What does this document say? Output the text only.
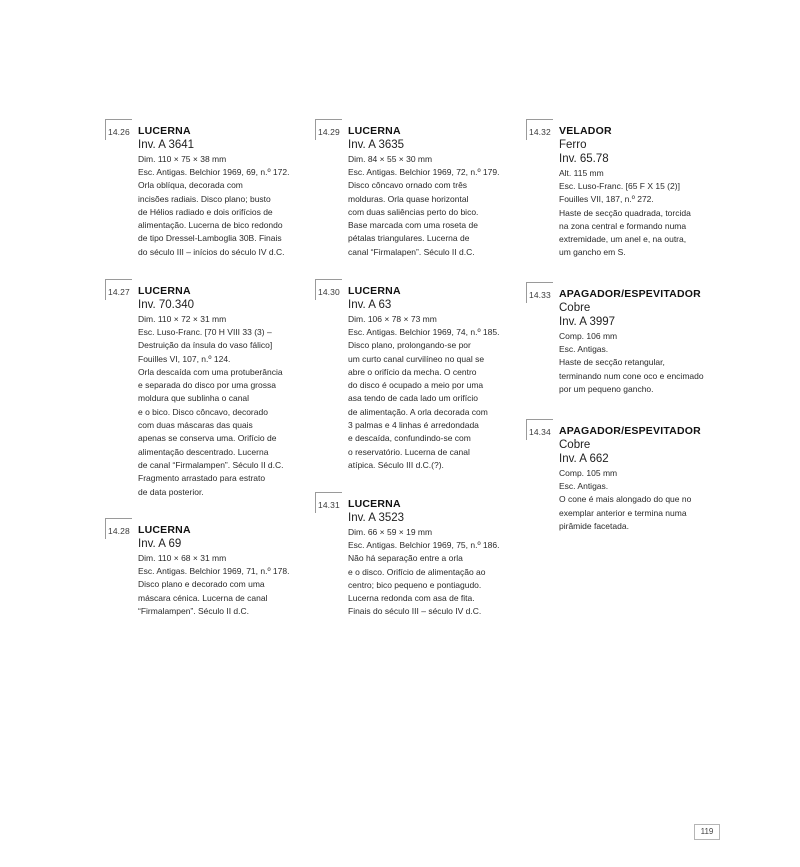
14.26 LUCERNA
Inv. A 3641
Dim. 110 × 75 × 38 mm
Esc. Antigas. Belchior 1969, 69, n.º 172.
Orla oblíqua, decorada com
incisões radiais. Disco plano; busto
de Hélios radiado e dois orifícios de
alimentação. Lucerna de bico redondo
de tipo Dressel-Lamboglia 30B. Finais
do século III – inícios do século IV d.C.
14.27 LUCERNA
Inv. 70.340
Dim. 110 × 72 × 31 mm
Esc. Luso-Franc. [70 H VIII 33 (3) –
Destruição da ínsula do vaso fálico]
Fouilles VI, 107, n.º 124.
Orla descaída com uma protuberância
e separada do disco por uma grossa
moldura que sublinha o canal
e o bico. Disco côncavo, decorado
com duas máscaras das quais
apenas se conserva uma. Orifício de
alimentação descentrado. Lucerna
de canal “Firmalampen”. Século II d.C.
Fragmento arrastado para estrato
de data posterior.
14.28 LUCERNA
Inv. A 69
Dim. 110 × 68 × 31 mm
Esc. Antigas. Belchior 1969, 71, n.º 178.
Disco plano e decorado com uma
máscara cénica. Lucerna de canal
“Firmalampen”. Século II d.C.
14.29 LUCERNA
Inv. A 3635
Dim. 84 × 55 × 30 mm
Esc. Antigas. Belchior 1969, 72, n.º 179.
Disco côncavo ornado com três
molduras. Orla quase horizontal
com duas saliências perto do bico.
Base marcada com uma roseta de
pétalas triangulares. Lucerna de
canal “Firmalapen”. Século II d.C.
14.30 LUCERNA
Inv. A 63
Dim. 106 × 78 × 73 mm
Esc. Antigas. Belchior 1969, 74, n.º 185.
Disco plano, prolongando-se por
um curto canal curvilíneo no qual se
abre o orifício da mecha. O centro
do disco é ocupado a meio por uma
asa tendo de cada lado um orifício
de alimentação. A orla decorada com
3 palmas e 4 linhas é arredondada
e descaída, confundindo-se com
o reservatório. Lucerna de canal
atípica. Século III d.C.(?).
14.31 LUCERNA
Inv. A 3523
Dim. 66 × 59 × 19 mm
Esc. Antigas. Belchior 1969, 75, n.º 186.
Não há separação entre a orla
e o disco. Orifício de alimentação ao
centro; bico pequeno e pontiagudo.
Lucerna redonda com asa de fita.
Finais do século III – século IV d.C.
14.32 VELADOR
Ferro
Inv. 65.78
Alt. 115 mm
Esc. Luso-Franc. [65 F X 15 (2)]
Fouilles VII, 187, n.º 272.
Haste de secção quadrada, torcida
na zona central e formando numa
extremidade, um anel e, na outra,
um gancho em S.
14.33 APAGADOR/ESPEVITADOR
Cobre
Inv. A 3997
Comp. 106 mm
Esc. Antigas.
Haste de secção retangular,
terminando num cone oco e encimado
por um pequeno gancho.
14.34 APAGADOR/ESPEVITADOR
Cobre
Inv. A 662
Comp. 105 mm
Esc. Antigas.
O cone é mais alongado do que no
exemplar anterior e termina numa
pirâmide facetada.
119
